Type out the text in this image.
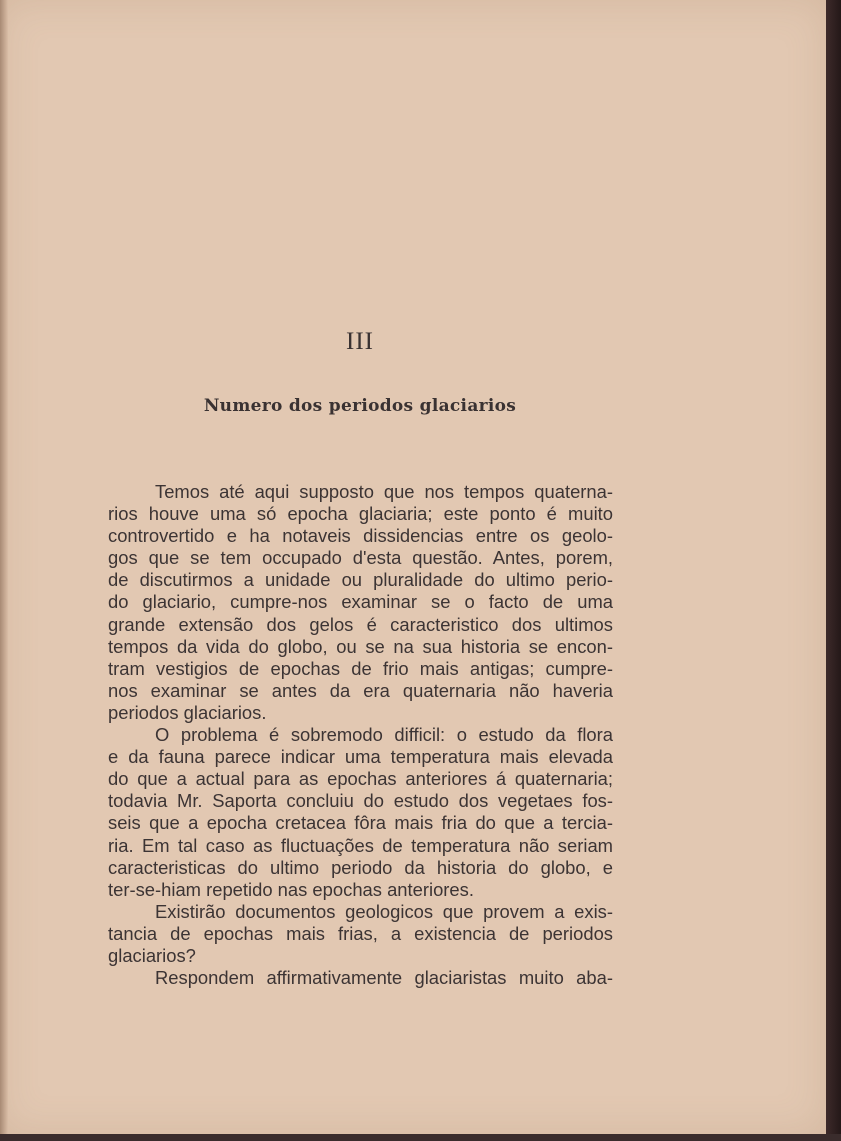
III
Numero dos periodos glaciarios
Temos até aqui supposto que nos tempos quaterna-
rios houve uma só epocha glaciaria; este ponto é muito
controvertido e ha notaveis dissidencias entre os geolo-
gos que se tem occupado d'esta questão. Antes, porem,
de discutirmos a unidade ou pluralidade do ultimo perio-
do glaciario, cumpre-nos examinar se o facto de uma
grande extensão dos gelos é caracteristico dos ultimos
tempos da vida do globo, ou se na sua historia se encon-
tram vestigios de epochas de frio mais antigas; cumpre-
nos examinar se antes da era quaternaria não haveria
periodos glaciarios.
O problema é sobremodo difficil: o estudo da flora
e da fauna parece indicar uma temperatura mais elevada
do que a actual para as epochas anteriores á quaternaria;
todavia Mr. Saporta concluiu do estudo dos vegetaes fos-
seis que a epocha cretacea fôra mais fria do que a tercia-
ria. Em tal caso as fluctuações de temperatura não seriam
caracteristicas do ultimo periodo da historia do globo, e
ter-se-hiam repetido nas epochas anteriores.
Existirão documentos geologicos que provem a exis-
tancia de epochas mais frias, a existencia de periodos
glaciarios?
Respondem affirmativamente glaciaristas muito aba-
